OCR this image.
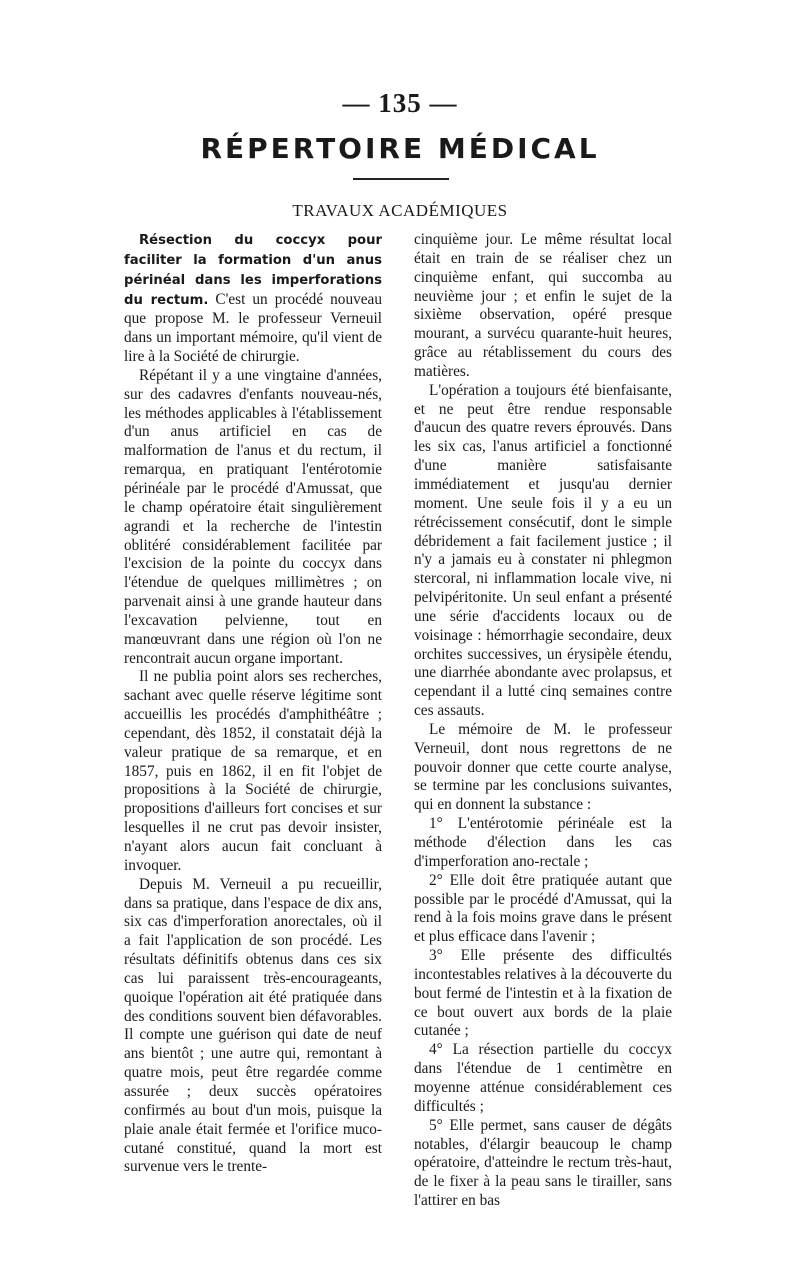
— 135 —
RÉPERTOIRE MÉDICAL
TRAVAUX ACADÉMIQUES

Résection du coccyx pour faciliter la formation d'un anus périnéal dans les imperforations du rectum. C'est un procédé nouveau que propose M. le professeur Verneuil dans un important mémoire, qu'il vient de lire à la Société de chirurgie.

Répétant il y a une vingtaine d'années, sur des cadavres d'enfants nouveau-nés, les méthodes applicables à l'établissement d'un anus artificiel en cas de malformation de l'anus et du rectum, il remarqua, en pratiquant l'entérotomie périnéale par le procédé d'Amussat, que le champ opératoire était singulièrement agrandi et la recherche de l'intestin oblitéré considérablement facilitée par l'excision de la pointe du coccyx dans l'étendue de quelques millimètres ; on parvenait ainsi à une grande hauteur dans l'excavation pelvienne, tout en manœuvrant dans une région où l'on ne rencontrait aucun organe important.

Il ne publia point alors ses recherches, sachant avec quelle réserve légitime sont accueillis les procédés d'amphithéâtre ; cependant, dès 1852, il constatait déjà la valeur pratique de sa remarque, et en 1857, puis en 1862, il en fit l'objet de propositions à la Société de chirurgie, propositions d'ailleurs fort concises et sur lesquelles il ne crut pas devoir insister, n'ayant alors aucun fait concluant à invoquer.

Depuis M. Verneuil a pu recueillir, dans sa pratique, dans l'espace de dix ans, six cas d'imperforation anorectales, où il a fait l'application de son procédé. Les résultats définitifs obtenus dans ces six cas lui paraissent très-encourageants, quoique l'opération ait été pratiquée dans des conditions souvent bien défavorables. Il compte une guérison qui date de neuf ans bientôt ; une autre qui, remontant à quatre mois, peut être regardée comme assurée ; deux succès opératoires confirmés au bout d'un mois, puisque la plaie anale était fermée et l'orifice muco-cutané constitué, quand la mort est survenue vers le trente-

cinquième jour. Le même résultat local était en train de se réaliser chez un cinquième enfant, qui succomba au neuvième jour ; et enfin le sujet de la sixième observation, opéré presque mourant, a survécu quarante-huit heures, grâce au rétablissement du cours des matières.

L'opération a toujours été bienfaisante, et ne peut être rendue responsable d'aucun des quatre revers éprouvés. Dans les six cas, l'anus artificiel a fonctionné d'une manière satisfaisante immédiatement et jusqu'au dernier moment. Une seule fois il y a eu un rétrécissement consécutif, dont le simple débridement a fait facilement justice ; il n'y a jamais eu à constater ni phlegmon stercoral, ni inflammation locale vive, ni pelvipéritonite. Un seul enfant a présenté une série d'accidents locaux ou de voisinage : hémorrhagie secondaire, deux orchites successives, un érysipèle étendu, une diarrhée abondante avec prolapsus, et cependant il a lutté cinq semaines contre ces assauts.

Le mémoire de M. le professeur Verneuil, dont nous regrettons de ne pouvoir donner que cette courte analyse, se termine par les conclusions suivantes, qui en donnent la substance :

1° L'entérotomie périnéale est la méthode d'élection dans les cas d'imperforation ano-rectale ;

2° Elle doit être pratiquée autant que possible par le procédé d'Amussat, qui la rend à la fois moins grave dans le présent et plus efficace dans l'avenir ;

3° Elle présente des difficultés incontestables relatives à la découverte du bout fermé de l'intestin et à la fixation de ce bout ouvert aux bords de la plaie cutanée ;

4° La résection partielle du coccyx dans l'étendue de 1 centimètre en moyenne atténue considérablement ces difficultés ;

5° Elle permet, sans causer de dégâts notables, d'élargir beaucoup le champ opératoire, d'atteindre le rectum très-haut, de le fixer à la peau sans le tirailler, sans l'attirer en bas
